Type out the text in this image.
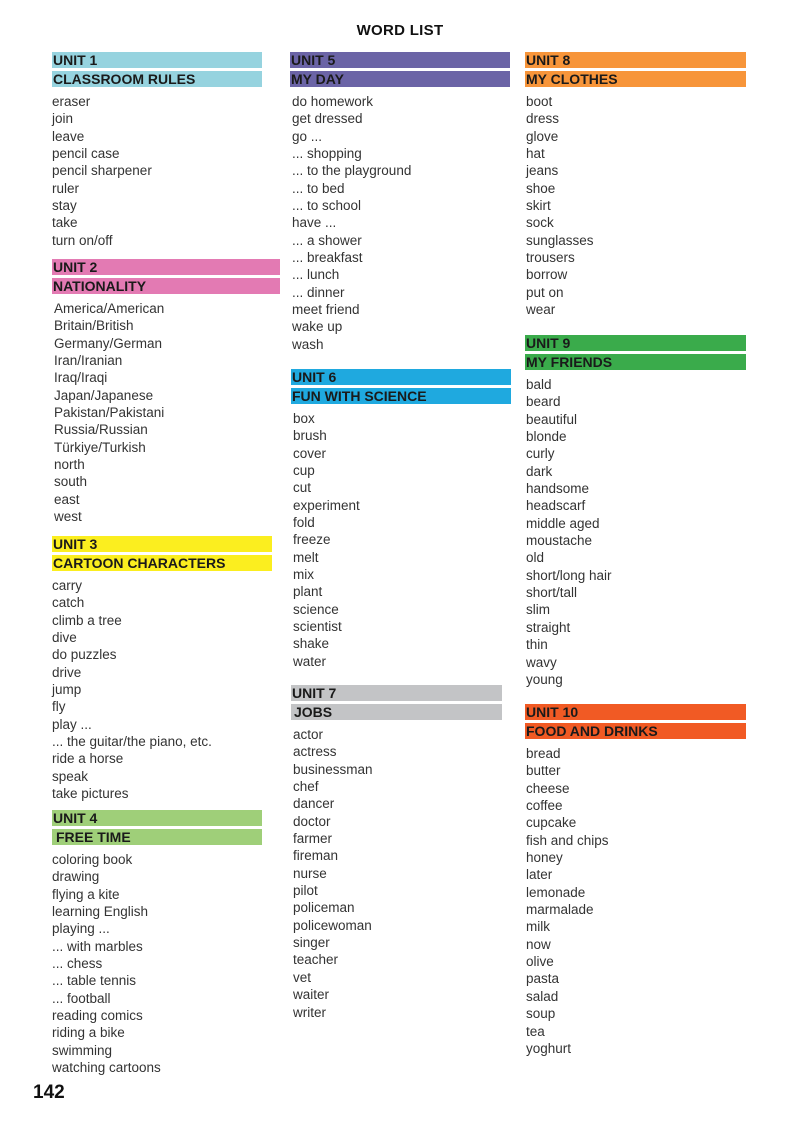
WORD LIST
UNIT 1
CLASSROOM RULES
eraser
join
leave
pencil case
pencil sharpener
ruler
stay
take
turn on/off
UNIT 2
NATIONALITY
America/American
Britain/British
Germany/German
Iran/Iranian
Iraq/Iraqi
Japan/Japanese
Pakistan/Pakistani
Russia/Russian
Türkiye/Turkish
north
south
east
west
UNIT 3
CARTOON CHARACTERS
carry
catch
climb a tree
dive
do puzzles
drive
jump
fly
play ...
... the guitar/the piano, etc.
ride a horse
speak
take pictures
UNIT 4
FREE TIME
coloring book
drawing
flying a kite
learning English
playing ...
... with marbles
... chess
... table tennis
... football
reading comics
riding a bike
swimming
watching cartoons
UNIT 5
MY DAY
do homework
get dressed
go ...
... shopping
... to the playground
... to bed
... to school
have ...
... a shower
... breakfast
... lunch
... dinner
meet friend
wake up
wash
UNIT 6
FUN WITH SCIENCE
box
brush
cover
cup
cut
experiment
fold
freeze
melt
mix
plant
science
scientist
shake
water
UNIT 7
JOBS
actor
actress
businessman
chef
dancer
doctor
farmer
fireman
nurse
pilot
policeman
policewoman
singer
teacher
vet
waiter
writer
UNIT 8
MY CLOTHES
boot
dress
glove
hat
jeans
shoe
skirt
sock
sunglasses
trousers
borrow
put on
wear
UNIT 9
MY FRIENDS
bald
beard
beautiful
blonde
curly
dark
handsome
headscarf
middle aged
moustache
old
short/long hair
short/tall
slim
straight
thin
wavy
young
UNIT 10
FOOD AND DRINKS
bread
butter
cheese
coffee
cupcake
fish and chips
honey
later
lemonade
marmalade
milk
now
olive
pasta
salad
soup
tea
yoghurt
142
